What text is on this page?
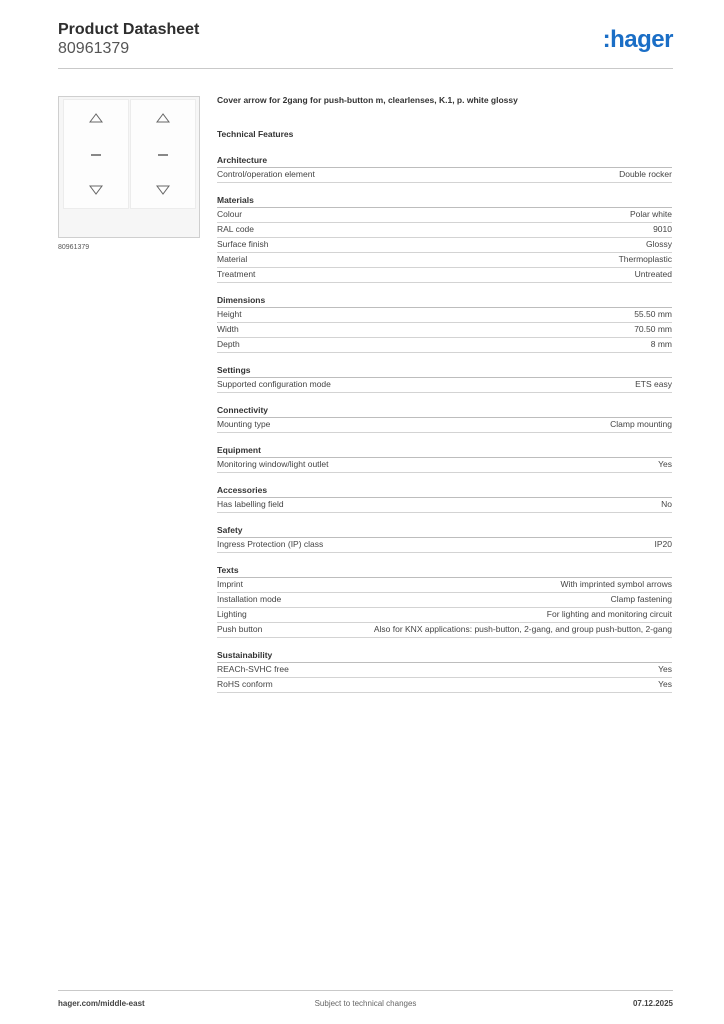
Product Datasheet
80961379	:hager
80961379
Cover arrow for 2gang for push-button m, clearlenses, K.1, p. white glossy
Technical Features
Architecture
Control/operation element	Double rocker
Materials
Colour	Polar white
RAL code	9010
Surface finish	Glossy
Material	Thermoplastic
Treatment	Untreated
Dimensions
Height	55.50 mm
Width	70.50 mm
Depth	8 mm
Settings
Supported configuration mode	ETS easy
Connectivity
Mounting type	Clamp mounting
Equipment
Monitoring window/light outlet	Yes
Accessories
Has labelling field	No
Safety
Ingress Protection (IP) class	IP20
Texts
Imprint	With imprinted symbol arrows
Installation mode	Clamp fastening
Lighting	For lighting and monitoring circuit
Push button	Also for KNX applications: push-button, 2-gang, and group push-button, 2-gang
Sustainability
REACh-SVHC free	Yes
RoHS conform	Yes
hager.com/middle-east	Subject to technical changes	07.12.2025
